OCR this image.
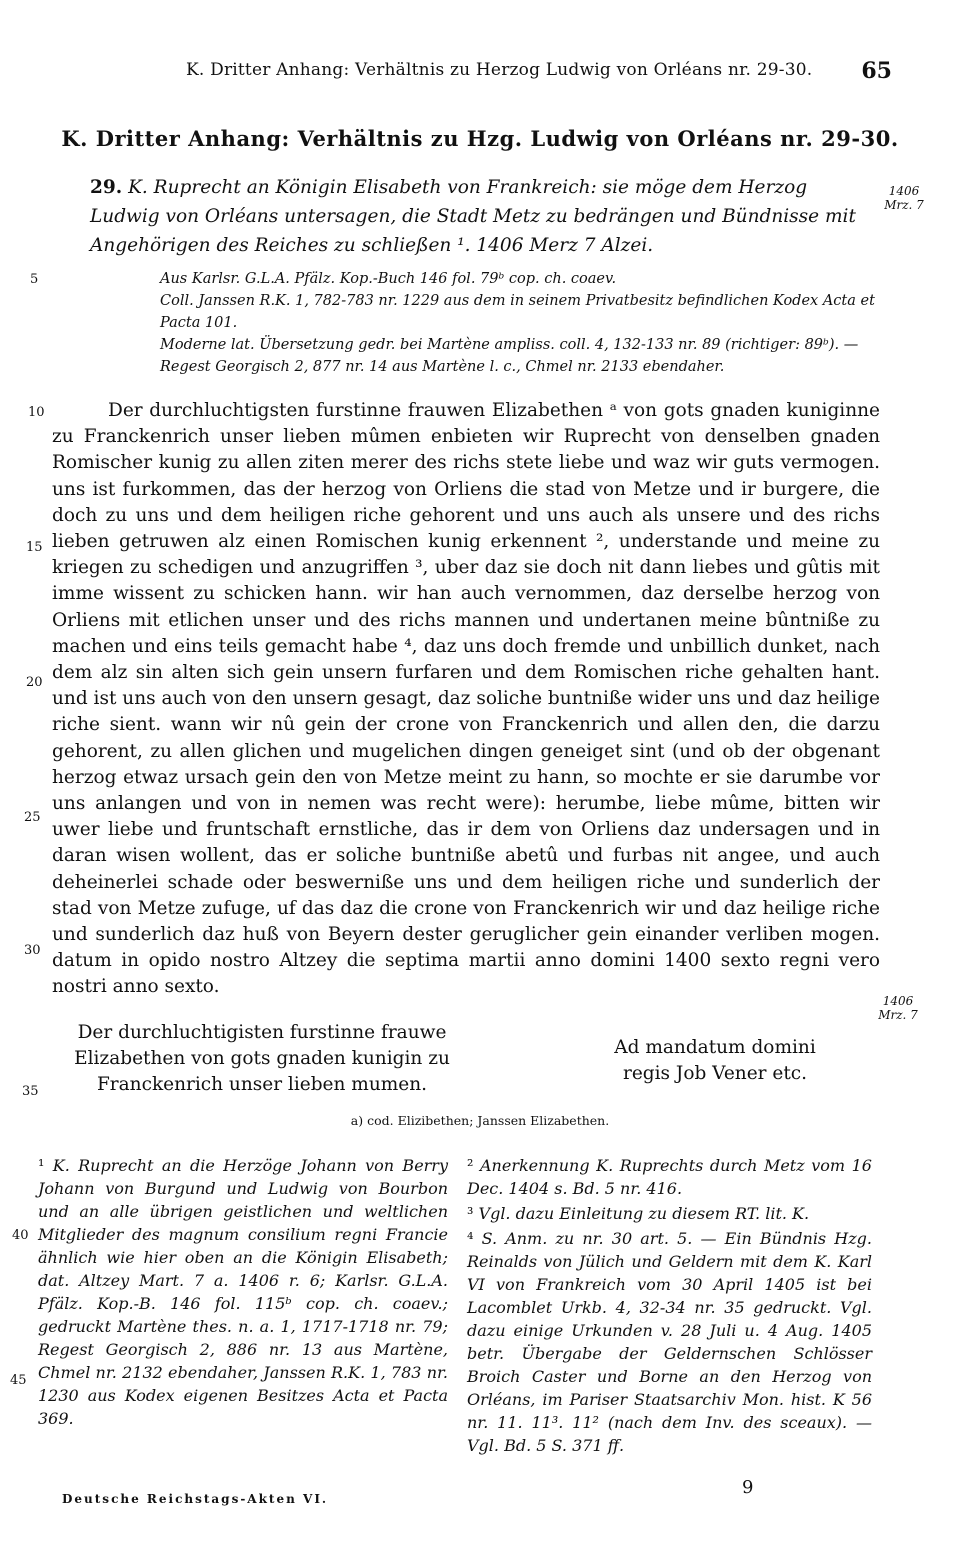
K. Dritter Anhang: Verhältnis zu Herzog Ludwig von Orléans nr. 29-30. 65
K. Dritter Anhang: Verhältnis zu Hzg. Ludwig von Orléans nr. 29-30.
29. K. Ruprecht an Königin Elisabeth von Frankreich: sie möge dem Herzog Ludwig von Orléans untersagen, die Stadt Metz zu bedrängen und Bündnisse mit Angehörigen des Reiches zu schließen ¹. 1406 Merz 7 Alzei.
1406
Mrz. 7
1406
Mrz. 7
5
10
15
20
25
30
35
40
45

Aus Karlsr. G.L.A. Pfälz. Kop.-Buch 146 fol. 79ᵇ cop. ch. coaev.

Coll. Janssen R.K. 1, 782-783 nr. 1229 aus dem in seinem Privatbesitz befindlichen Kodex Acta et Pacta 101.

Moderne lat. Übersetzung gedr. bei Martène ampliss. coll. 4, 132-133 nr. 89 (richtiger: 89ᵇ). — Regest Georgisch 2, 877 nr. 14 aus Martène l. c., Chmel nr. 2133 ebendaher.

Der durchluchtigsten furstinne frauwen Elizabethen ᵃ von gots gnaden kuniginne zu Franckenrich unser lieben mûmen enbieten wir Ruprecht von denselben gnaden Romischer kunig zu allen ziten merer des richs stete liebe und waz wir guts vermogen. uns ist furkommen, das der herzog von Orliens die stad von Metze und ir burgere, die doch zu uns und dem heiligen riche gehorent und uns auch als unsere und des richs lieben getruwen alz einen Romischen kunig erkennent ², understande und meine zu kriegen zu schedigen und anzugriffen ³, uber daz sie doch nit dann liebes und gûtis mit imme wissent zu schicken hann. wir han auch vernommen, daz derselbe herzog von Orliens mit etlichen unser und des richs mannen und undertanen meine bûntniße zu machen und eins teils gemacht habe ⁴, daz uns doch fremde und unbillich dunket, nach dem alz sin alten sich gein unsern furfaren und dem Romischen riche gehalten hant. und ist uns auch von den unsern gesagt, daz soliche buntniße wider uns und daz heilige riche sient. wann wir nû gein der crone von Franckenrich und allen den, die darzu gehorent, zu allen glichen und mugelichen dingen geneiget sint (und ob der obgenant herzog etwaz ursach gein den von Metze meint zu hann, so mochte er sie darumbe vor uns anlangen und von in nemen was recht were): herumbe, liebe mûme, bitten wir uwer liebe und fruntschaft ernstliche, das ir dem von Orliens daz undersagen und in daran wisen wollent, das er soliche buntniße abetû und furbas nit angee, und auch deheinerlei schade oder beswerniße uns und dem heiligen riche und sunderlich der stad von Metze zufuge, uf das daz die crone von Franckenrich wir und daz heilige riche und sunderlich daz huß von Beyern dester geruglicher gein einander verliben mogen. datum in opido nostro Altzey die septima martii anno domini 1400 sexto regni vero nostri anno sexto.

Der durchluchtigisten furstinne frauwe Elizabethen von gots gnaden kunigin zu Franckenrich unser lieben mumen.
Ad mandatum domini regis Job Vener etc.
a) cod. Elizibethen; Janssen Elizabethen.

¹ K. Ruprecht an die Herzöge Johann von Berry Johann von Burgund und Ludwig von Bourbon und an alle übrigen geistlichen und weltlichen Mitglieder des magnum consilium regni Francie ähnlich wie hier oben an die Königin Elisabeth; dat. Altzey Mart. 7 a. 1406 r. 6; Karlsr. G.L.A. Pfälz. Kop.-B. 146 fol. 115ᵇ cop. ch. coaev.; gedruckt Martène thes. n. a. 1, 1717-1718 nr. 79; Regest Georgisch 2, 886 nr. 13 aus Martène, Chmel nr. 2132 ebendaher, Janssen R.K. 1, 783 nr. 1230 aus Kodex eigenen Besitzes Acta et Pacta 369.

² Anerkennung K. Ruprechts durch Metz vom 16 Dec. 1404 s. Bd. 5 nr. 416.

³ Vgl. dazu Einleitung zu diesem RT. lit. K.

⁴ S. Anm. zu nr. 30 art. 5. — Ein Bündnis Hzg. Reinalds von Jülich und Geldern mit dem K. Karl VI von Frankreich vom 30 April 1405 ist bei Lacomblet Urkb. 4, 32-34 nr. 35 gedruckt. Vgl. dazu einige Urkunden v. 28 Juli u. 4 Aug. 1405 betr. Übergabe der Geldernschen Schlösser Broich Caster und Borne an den Herzog von Orléans, im Pariser Staatsarchiv Mon. hist. K 56 nr. 11. 11³. 11² (nach dem Inv. des sceaux). — Vgl. Bd. 5 S. 371 ff.

Deutsche Reichstags-Akten VI.
9
